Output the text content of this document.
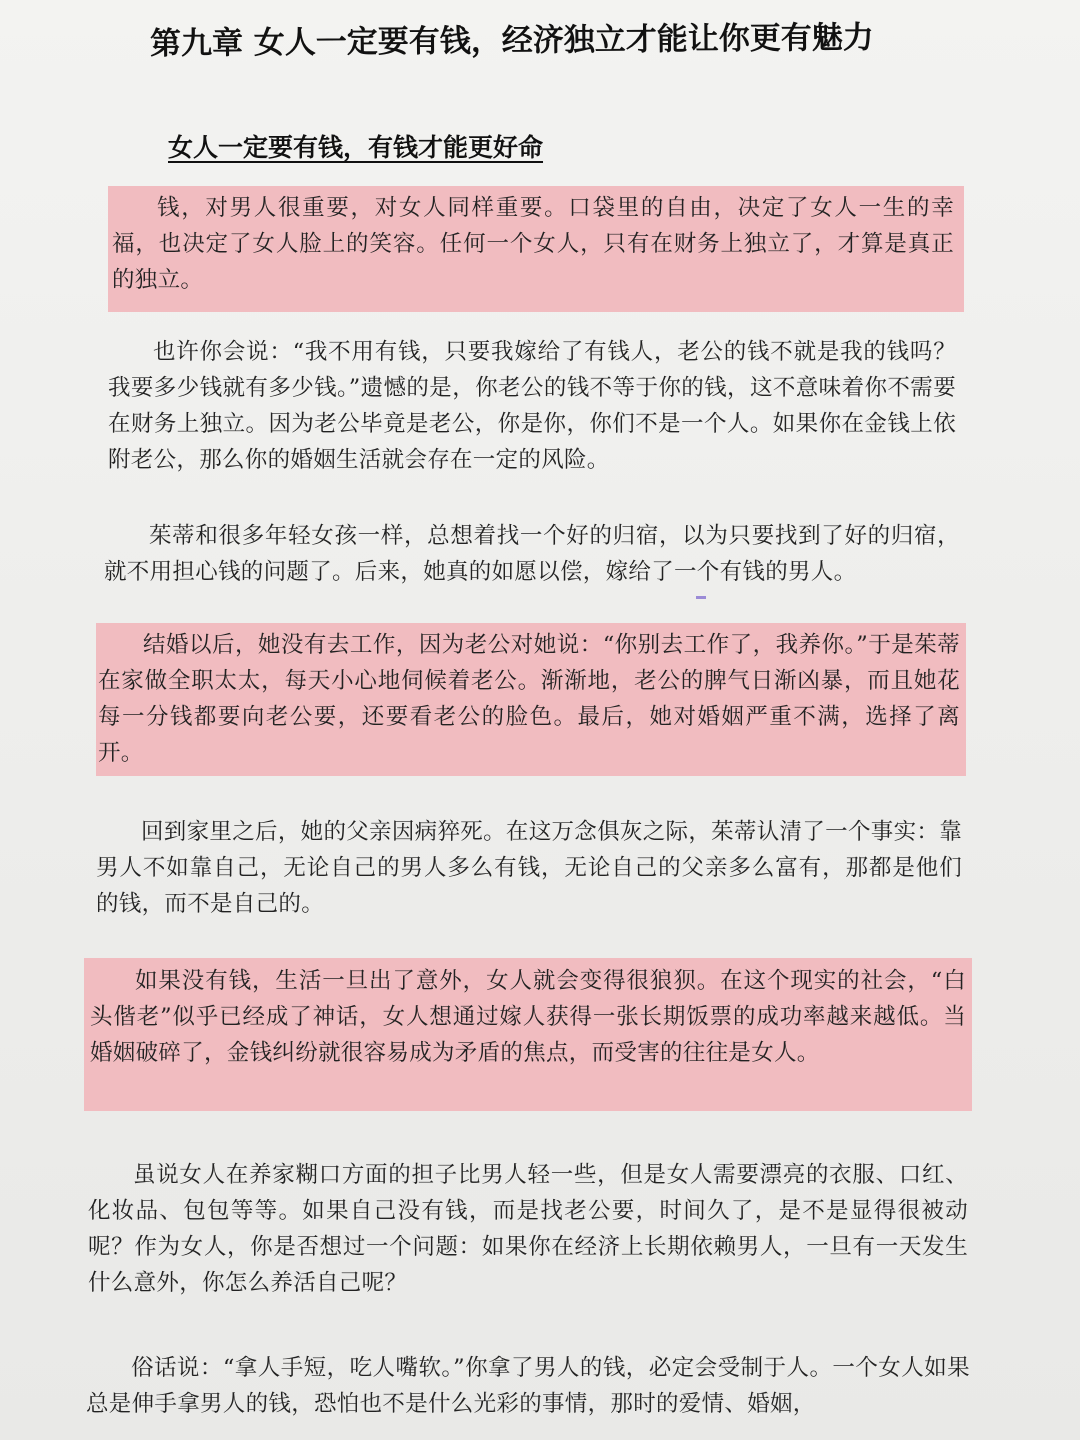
第九章 女人一定要有钱，经济独立才能让你更有魅力
女人一定要有钱，有钱才能更好命

钱，对男人很重要，对女人同样重要。口袋里的自由，决定了女人一生的幸福，也决定了女人脸上的笑容。任何一个女人，只有在财务上独立了，才算是真正的独立。

也许你会说：“我不用有钱，只要我嫁给了有钱人，老公的钱不就是我的钱吗？我要多少钱就有多少钱。”遗憾的是，你老公的钱不等于你的钱，这不意味着你不需要在财务上独立。因为老公毕竟是老公，你是你，你们不是一个人。如果你在金钱上依附老公，那么你的婚姻生活就会存在一定的风险。

茱蒂和很多年轻女孩一样，总想着找一个好的归宿，以为只要找到了好的归宿，就不用担心钱的问题了。后来，她真的如愿以偿，嫁给了一个有钱的男人。

结婚以后，她没有去工作，因为老公对她说：“你别去工作了，我养你。”于是茱蒂在家做全职太太，每天小心地伺候着老公。渐渐地，老公的脾气日渐凶暴，而且她花每一分钱都要向老公要，还要看老公的脸色。最后，她对婚姻严重不满，选择了离开。

回到家里之后，她的父亲因病猝死。在这万念俱灰之际，茱蒂认清了一个事实：靠男人不如靠自己，无论自己的男人多么有钱，无论自己的父亲多么富有，那都是他们的钱，而不是自己的。

如果没有钱，生活一旦出了意外，女人就会变得很狼狈。在这个现实的社会，“白头偕老”似乎已经成了神话，女人想通过嫁人获得一张长期饭票的成功率越来越低。当婚姻破碎了，金钱纠纷就很容易成为矛盾的焦点，而受害的往往是女人。

虽说女人在养家糊口方面的担子比男人轻一些，但是女人需要漂亮的衣服、口红、化妆品、包包等等。如果自己没有钱，而是找老公要，时间久了，是不是显得很被动呢？作为女人，你是否想过一个问题：如果你在经济上长期依赖男人，一旦有一天发生什么意外，你怎么养活自己呢？

俗话说：“拿人手短，吃人嘴软。”你拿了男人的钱，必定会受制于人。一个女人如果总是伸手拿男人的钱，恐怕也不是什么光彩的事情，那时的爱情、婚姻，
